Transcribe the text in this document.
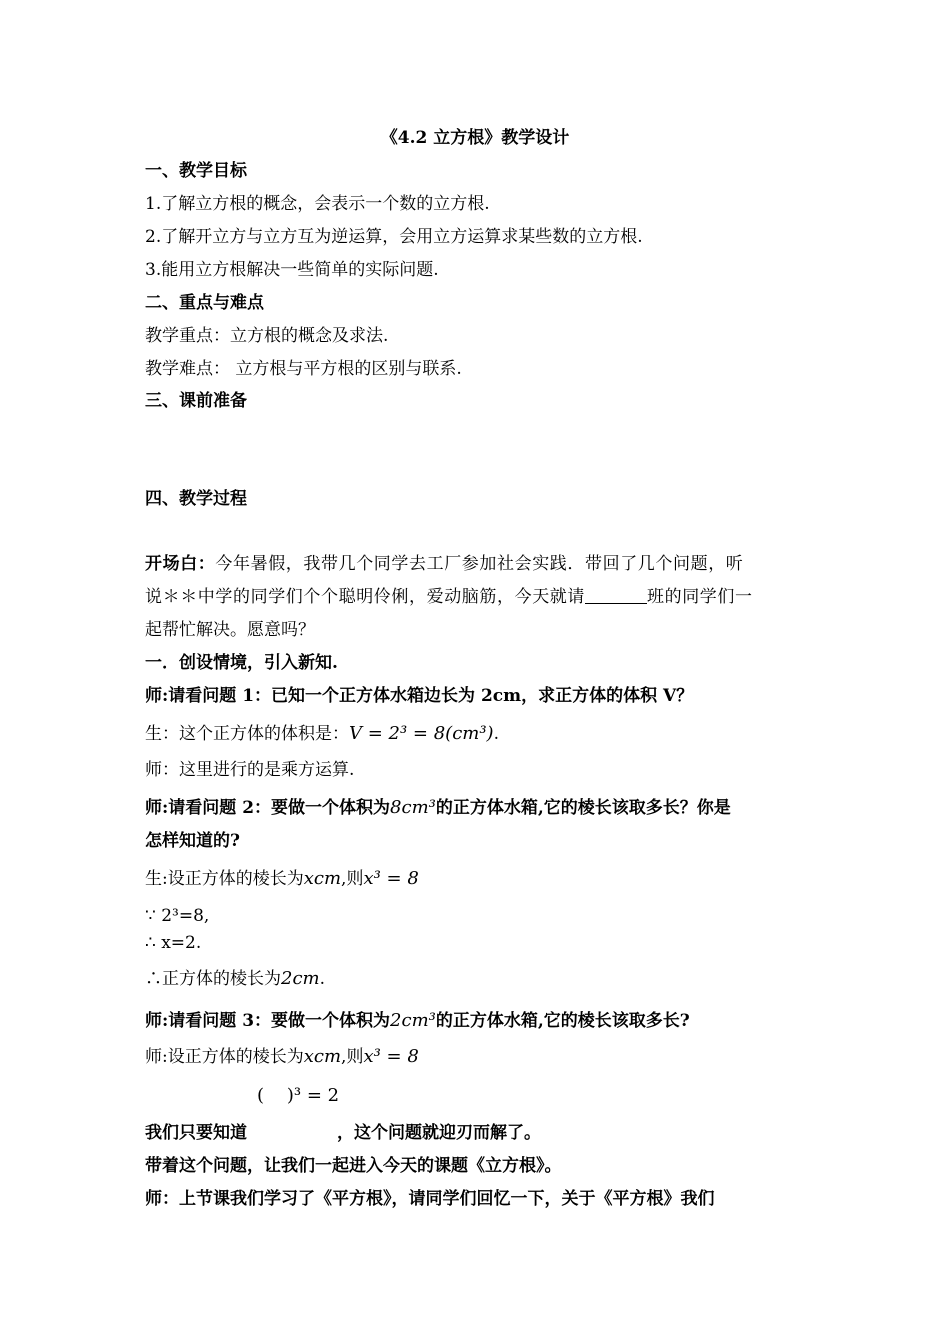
《4.2 立方根》教学设计
一、教学目标
1.了解立方根的概念，会表示一个数的立方根.
2.了解开立方与立方互为逆运算，会用立方运算求某些数的立方根.
3.能用立方根解决一些简单的实际问题.
二、重点与难点
教学重点：立方根的概念及求法.
教学难点： 立方根与平方根的区别与联系.
三、课前准备
四、教学过程
开场白：今年暑假，我带几个同学去工厂参加社会实践．带回了几个问题，听
说＊＊中学的同学们个个聪明伶俐，爱动脑筋，今天就请	班的同学们一
起帮忙解决。愿意吗？
一．创设情境，引入新知.
师:请看问题 1：已知一个正方体水箱边长为 2cm，求正方体的体积 V？
生：这个正方体的体积是：V = 2³ = 8(cm³).
师：这里进行的是乘方运算.
师:请看问题 2：要做一个体积为8cm³的正方体水箱,它的棱长该取多长？你是
怎样知道的?
生:设正方体的棱长为xcm,则x³ = 8
∵ 2³=8,
∴ x=2.
∴正方体的棱长为2cm.
师:请看问题 3：要做一个体积为2cm³的正方体水箱,它的棱长该取多长?
师:设正方体的棱长为xcm,则x³ = 8
(    )³ = 2
我们只要知道	，这个问题就迎刃而解了。
带着这个问题，让我们一起进入今天的课题《立方根》。
师：上节课我们学习了《平方根》，请同学们回忆一下，关于《平方根》我们
